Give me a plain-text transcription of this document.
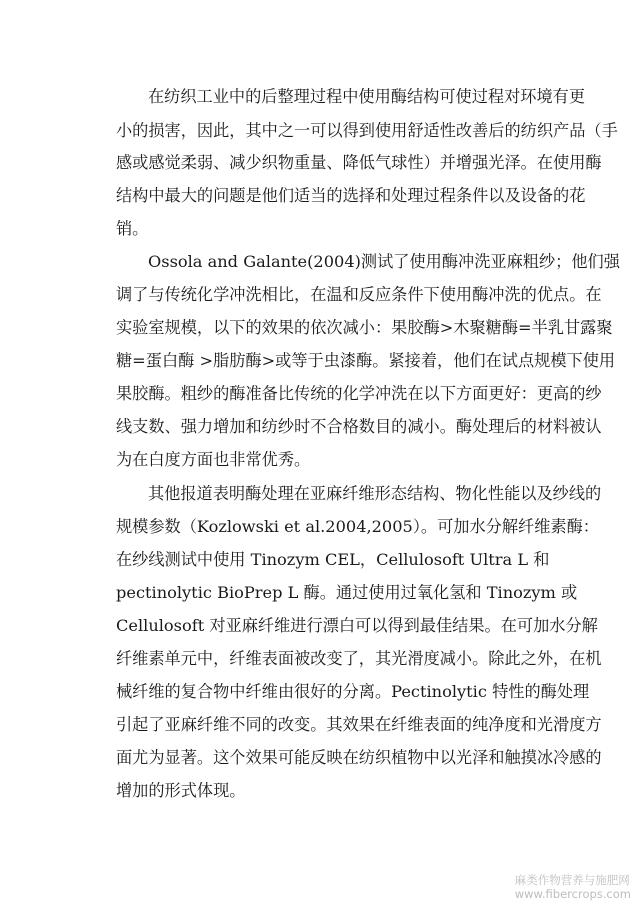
在纺织工业中的后整理过程中使用酶结构可使过程对环境有更
小的损害，因此，其中之一可以得到使用舒适性改善后的纺织产品（手
感或感觉柔弱、减少织物重量、降低气球性）并增强光泽。在使用酶
结构中最大的问题是他们适当的选择和处理过程条件以及设备的花
销。
Ossola and Galante(2004)测试了使用酶冲洗亚麻粗纱；他们强
调了与传统化学冲洗相比，在温和反应条件下使用酶冲洗的优点。在
实验室规模，以下的效果的依次减小：果胶酶>木聚糖酶=半乳甘露聚
糖=蛋白酶 >脂肪酶>或等于虫漆酶。紧接着，他们在试点规模下使用
果胶酶。粗纱的酶准备比传统的化学冲洗在以下方面更好：更高的纱
线支数、强力增加和纺纱时不合格数目的减小。酶处理后的材料被认
为在白度方面也非常优秀。
其他报道表明酶处理在亚麻纤维形态结构、物化性能以及纱线的
规模参数（Kozlowski et al.2004,2005）。可加水分解纤维素酶：
在纱线测试中使用 Tinozym CEL，Cellulosoft Ultra L 和
pectinolytic BioPrep L 酶。通过使用过氧化氢和 Tinozym 或
Cellulosoft 对亚麻纤维进行漂白可以得到最佳结果。在可加水分解
纤维素单元中，纤维表面被改变了，其光滑度减小。除此之外，在机
械纤维的复合物中纤维由很好的分离。Pectinolytic 特性的酶处理
引起了亚麻纤维不同的改变。其效果在纤维表面的纯净度和光滑度方
面尤为显著。这个效果可能反映在纺织植物中以光泽和触摸冰冷感的
增加的形式体现。
麻类作物营养与施肥网
www.fibercrops.com
